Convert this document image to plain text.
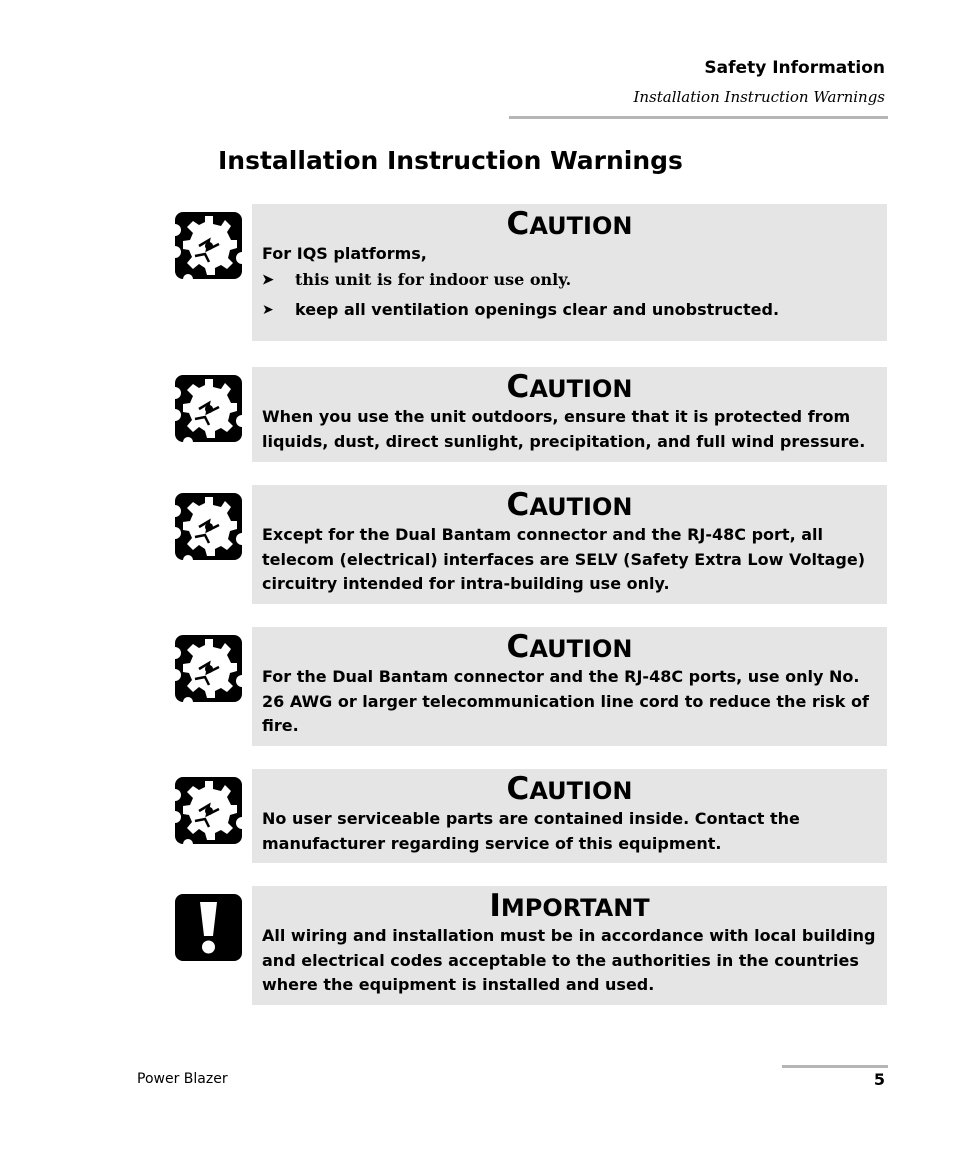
Safety Information
Installation Instruction Warnings
Installation Instruction Warnings
CAUTION
For IQS platforms,
➤ this unit is for indoor use only.
➤ keep all ventilation openings clear and unobstructed.
CAUTION
When you use the unit outdoors, ensure that it is protected from liquids, dust, direct sunlight, precipitation, and full wind pressure.
CAUTION
Except for the Dual Bantam connector and the RJ-48C port, all telecom (electrical) interfaces are SELV (Safety Extra Low Voltage) circuitry intended for intra-building use only.
CAUTION
For the Dual Bantam connector and the RJ-48C ports, use only No. 26 AWG or larger telecommunication line cord to reduce the risk of fire.
CAUTION
No user serviceable parts are contained inside. Contact the manufacturer regarding service of this equipment.
IMPORTANT
All wiring and installation must be in accordance with local building and electrical codes acceptable to the authorities in the countries where the equipment is installed and used.
Power Blazer	5
